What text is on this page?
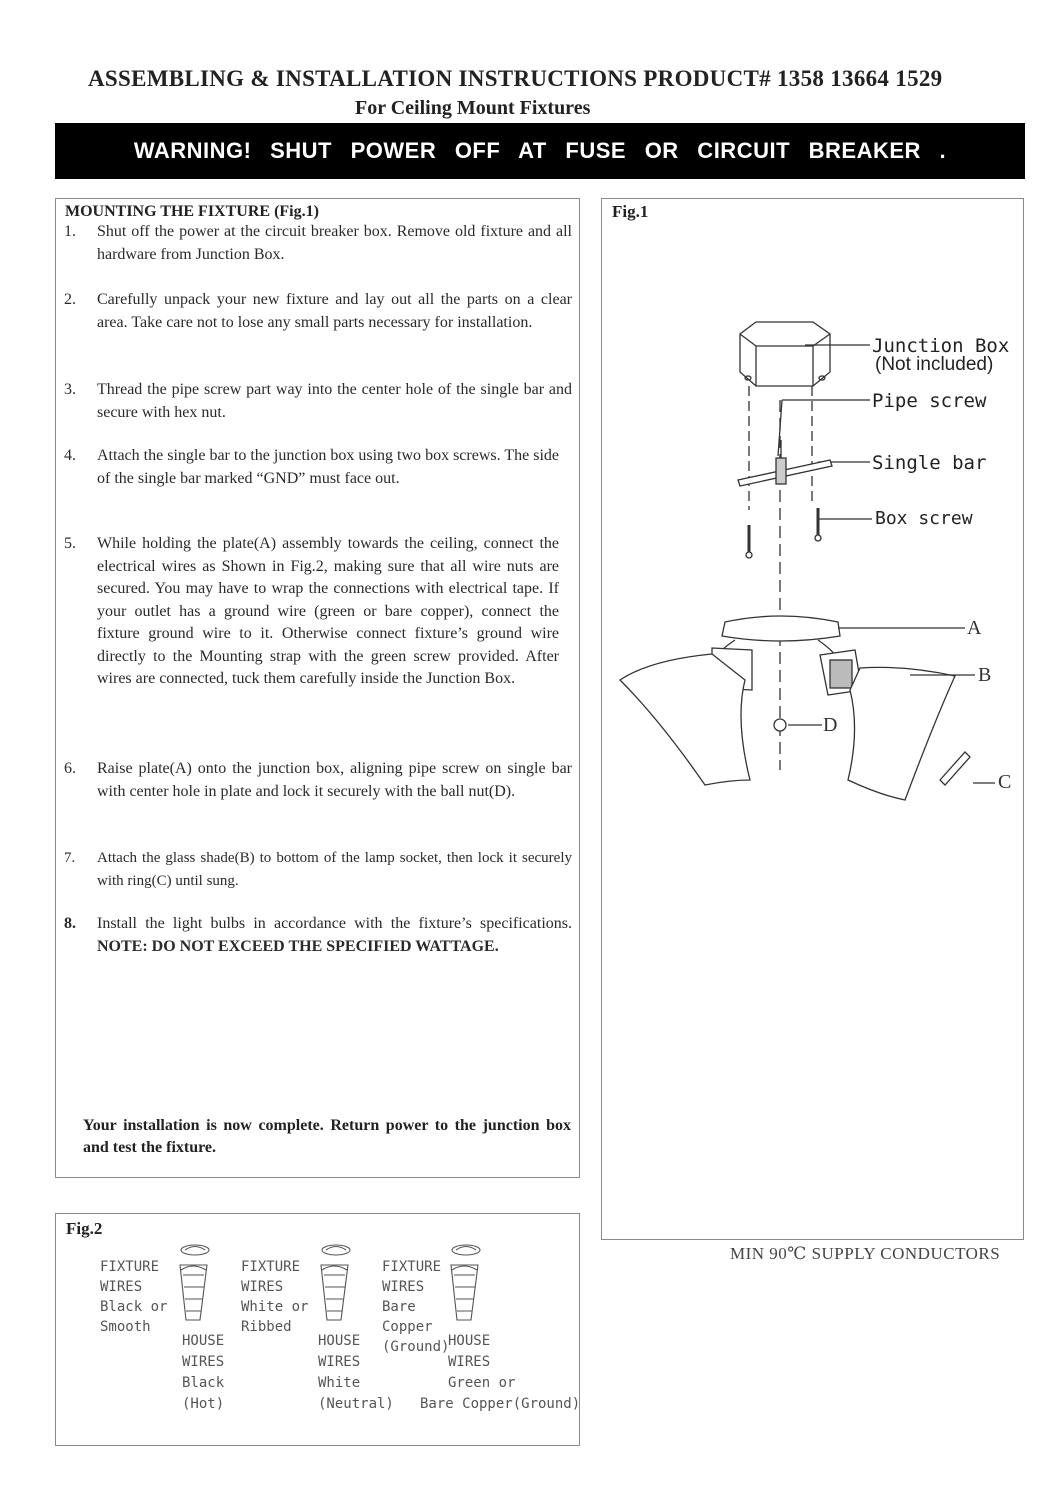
ASSEMBLING & INSTALLATION INSTRUCTIONS PRODUCT# 1358 13664 1529
For Ceiling Mount Fixtures
WARNING! SHUT POWER OFF AT FUSE OR CIRCUIT BREAKER .
MOUNTING THE FIXTURE (Fig.1)
1. Shut off the power at the circuit breaker box. Remove old fixture and all hardware from Junction Box.
2. Carefully unpack your new fixture and lay out all the parts on a clear area. Take care not to lose any small parts necessary for installation.
3. Thread the pipe screw part way into the center hole of the single bar and secure with hex nut.
4. Attach the single bar to the junction box using two box screws. The side of the single bar marked “GND” must face out.
5. While holding the plate(A) assembly towards the ceiling, connect the electrical wires as Shown in Fig.2, making sure that all wire nuts are secured. You may have to wrap the connections with electrical tape. If your outlet has a ground wire (green or bare copper), connect the fixture ground wire to it. Otherwise connect fixture’s ground wire directly to the Mounting strap with the green screw provided. After wires are connected, tuck them carefully inside the Junction Box.
6. Raise plate(A) onto the junction box, aligning pipe screw on single bar with center hole in plate and lock it securely with the ball nut(D).
7. Attach the glass shade(B) to bottom of the lamp socket, then lock it securely with ring(C) until sung.
8. Install the light bulbs in accordance with the fixture’s specifications. NOTE: DO NOT EXCEED THE SPECIFIED WATTAGE.
Your installation is now complete. Return power to the junction box and test the fixture.
Fig.1
Junction Box
(Not included)
Pipe screw
Single bar
Box screw
A
B
C
D
MIN 90℃ SUPPLY CONDUCTORS
Fig.2
FIXTURE
WIRES
Black or
Smooth
HOUSE
WIRES
Black
(Hot)
FIXTURE
WIRES
White or
Ribbed
HOUSE
WIRES
White
(Neutral)
FIXTURE
WIRES
Bare
Copper
(Ground)
HOUSE
WIRES
Green or
Bare Copper(Ground)
